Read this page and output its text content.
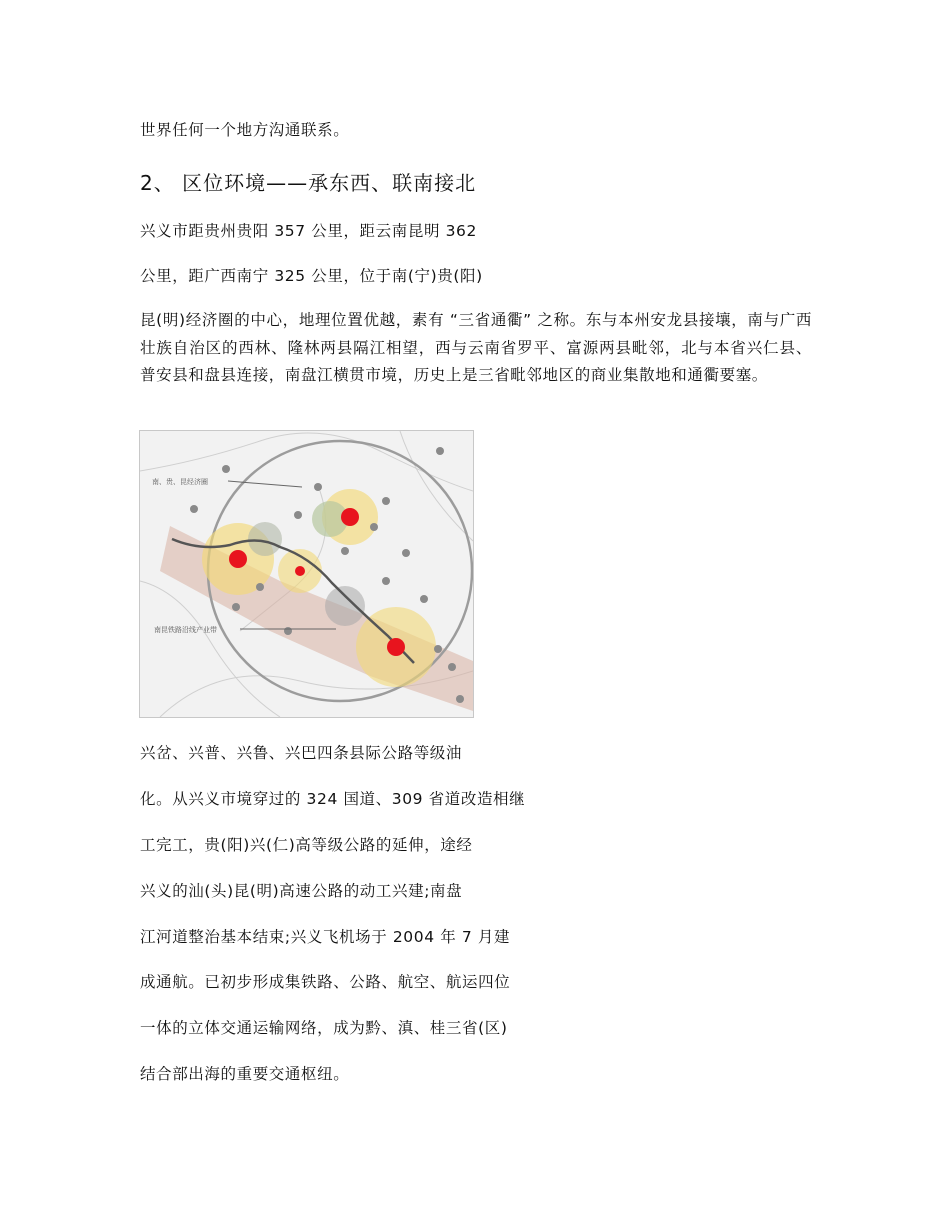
世界任何一个地方沟通联系。
2、 区位环境——承东西、联南接北
兴义市距贵州贵阳 357 公里，距云南昆明 362
公里，距广西南宁 325 公里，位于南(宁)贵(阳)
昆(明)经济圈的中心，地理位置优越，素有 “三省通衢” 之称。东与本州安龙县接壤，南与广西壮族自治区的西林、隆林两县隔江相望，西与云南省罗平、富源两县毗邻，北与本省兴仁县、普安县和盘县连接，南盘江横贯市境，历史上是三省毗邻地区的商业集散地和通衢要塞。
南、贵、昆经济圈
南昆铁路沿线产业带
兴岔、兴普、兴鲁、兴巴四条县际公路等级油
化。从兴义市境穿过的 324 国道、309 省道改造相继
工完工，贵(阳)兴(仁)高等级公路的延伸，途经
兴义的汕(头)昆(明)高速公路的动工兴建;南盘
江河道整治基本结束;兴义飞机场于 2004 年 7 月建
成通航。已初步形成集铁路、公路、航空、航运四位
一体的立体交通运输网络，成为黔、滇、桂三省(区)
结合部出海的重要交通枢纽。
